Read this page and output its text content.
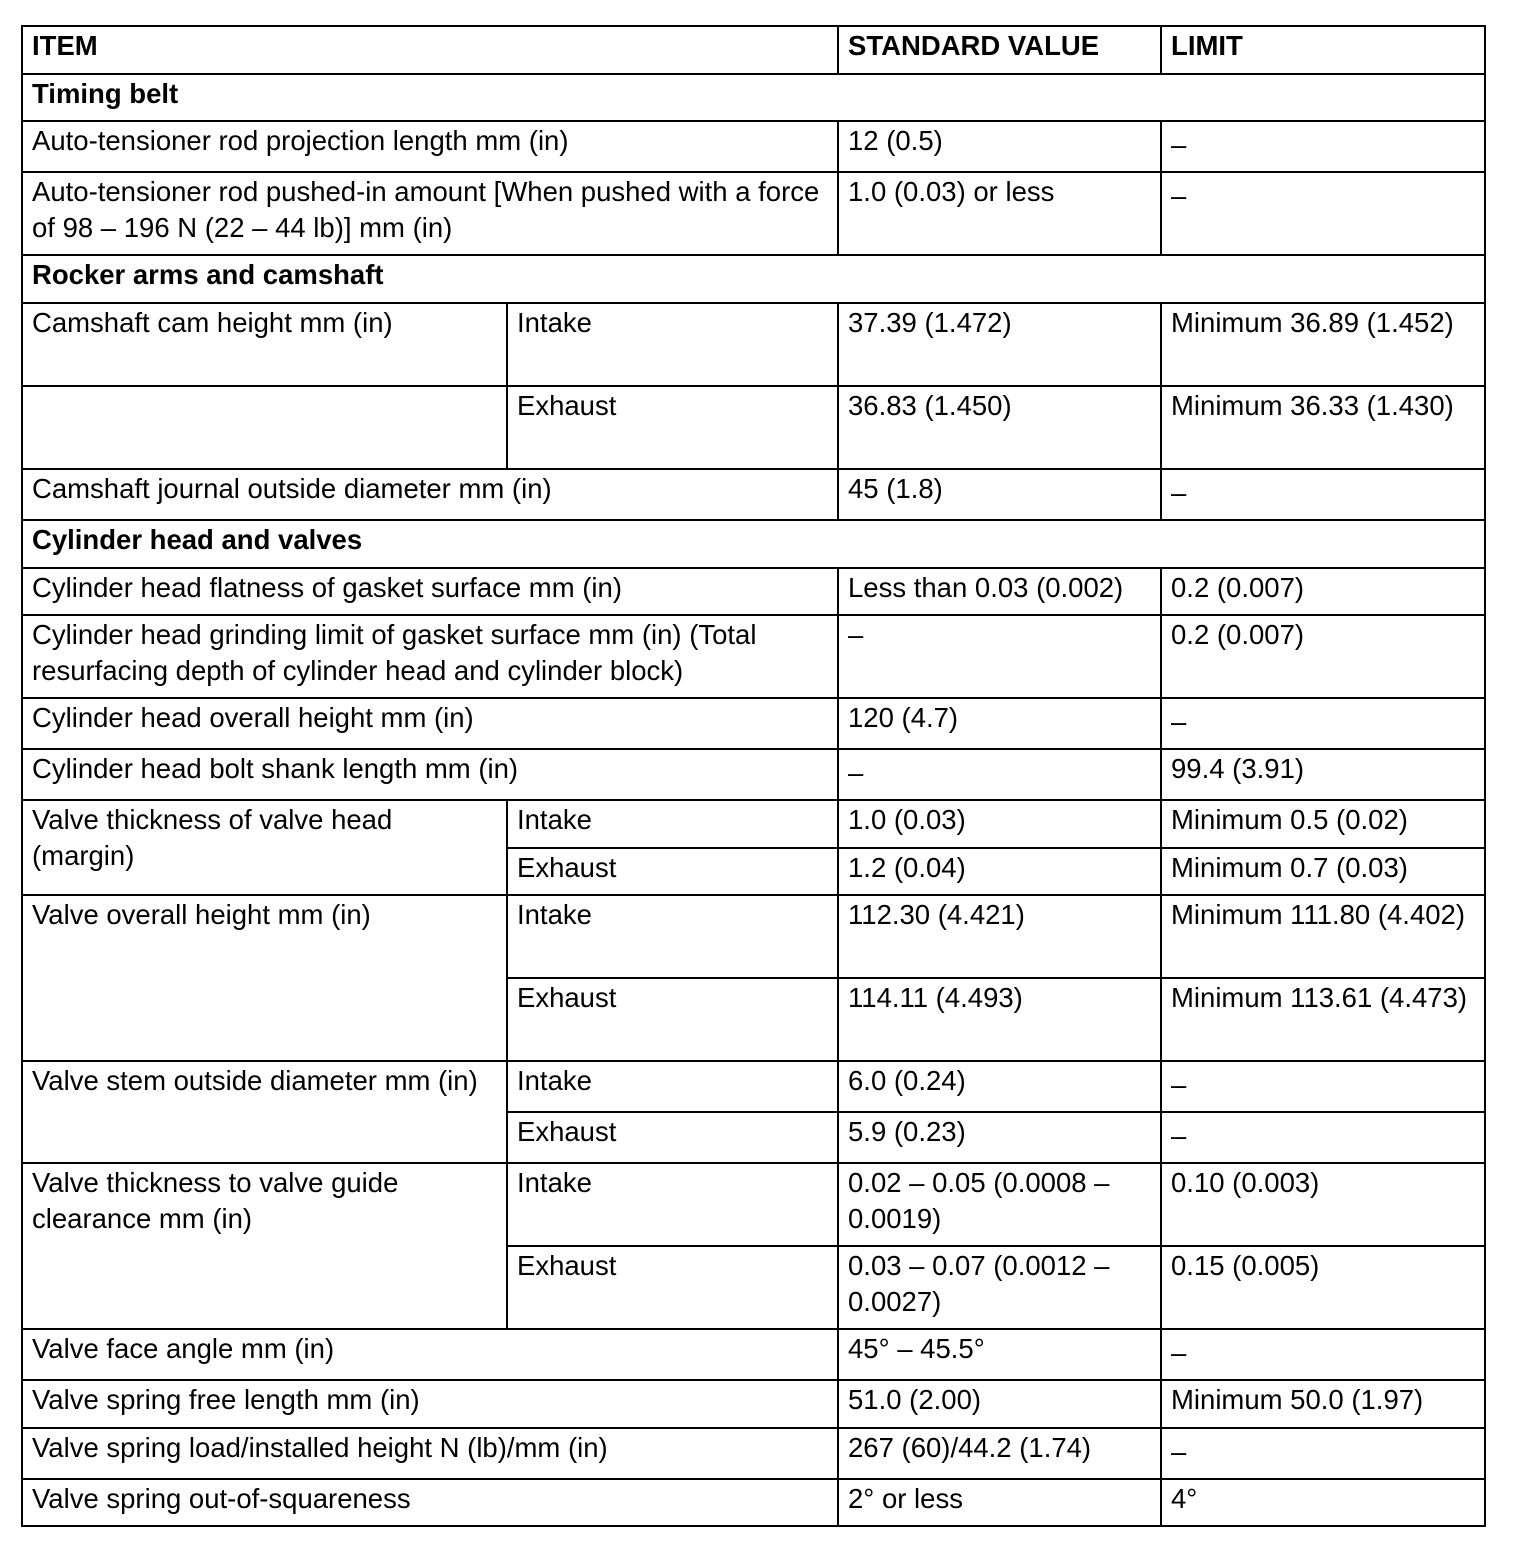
ITEM		STANDARD VALUE	LIMIT
Timing belt			
Auto-tensioner rod projection length mm (in)		12 (0.5)	–
Auto-tensioner rod pushed-in amount [When pushed with a force of 98 – 196 N (22 – 44 lb)] mm (in)		1.0 (0.03) or less	–
Rocker arms and camshaft			
Camshaft cam height mm (in)	Intake	37.39 (1.472)	Minimum 36.89 (1.452)
	Exhaust	36.83 (1.450)	Minimum 36.33 (1.430)
Camshaft journal outside diameter mm (in)		45 (1.8)	–
Cylinder head and valves			
Cylinder head flatness of gasket surface mm (in)		Less than 0.03 (0.002)	0.2 (0.007)
Cylinder head grinding limit of gasket surface mm (in) (Total resurfacing depth of cylinder head and cylinder block)		–	0.2 (0.007)
Cylinder head overall height mm (in)		120 (4.7)	–
Cylinder head bolt shank length mm (in)		–	99.4 (3.91)
Valve thickness of valve head (margin)	Intake	1.0 (0.03)	Minimum 0.5 (0.02)
	Exhaust	1.2 (0.04)	Minimum 0.7 (0.03)
Valve overall height mm (in)	Intake	112.30 (4.421)	Minimum 111.80 (4.402)
	Exhaust	114.11 (4.493)	Minimum 113.61 (4.473)
Valve stem outside diameter mm (in)	Intake	6.0 (0.24)	–
	Exhaust	5.9 (0.23)	–
Valve thickness to valve guide clearance mm (in)	Intake	0.02 – 0.05 (0.0008 – 0.0019)	0.10 (0.003)
	Exhaust	0.03 – 0.07 (0.0012 – 0.0027)	0.15 (0.005)
Valve face angle mm (in)		45° – 45.5°	–
Valve spring free length mm (in)		51.0 (2.00)	Minimum 50.0 (1.97)
Valve spring load/installed height N (lb)/mm (in)		267 (60)/44.2 (1.74)	–
Valve spring out-of-squareness		2° or less	4°
